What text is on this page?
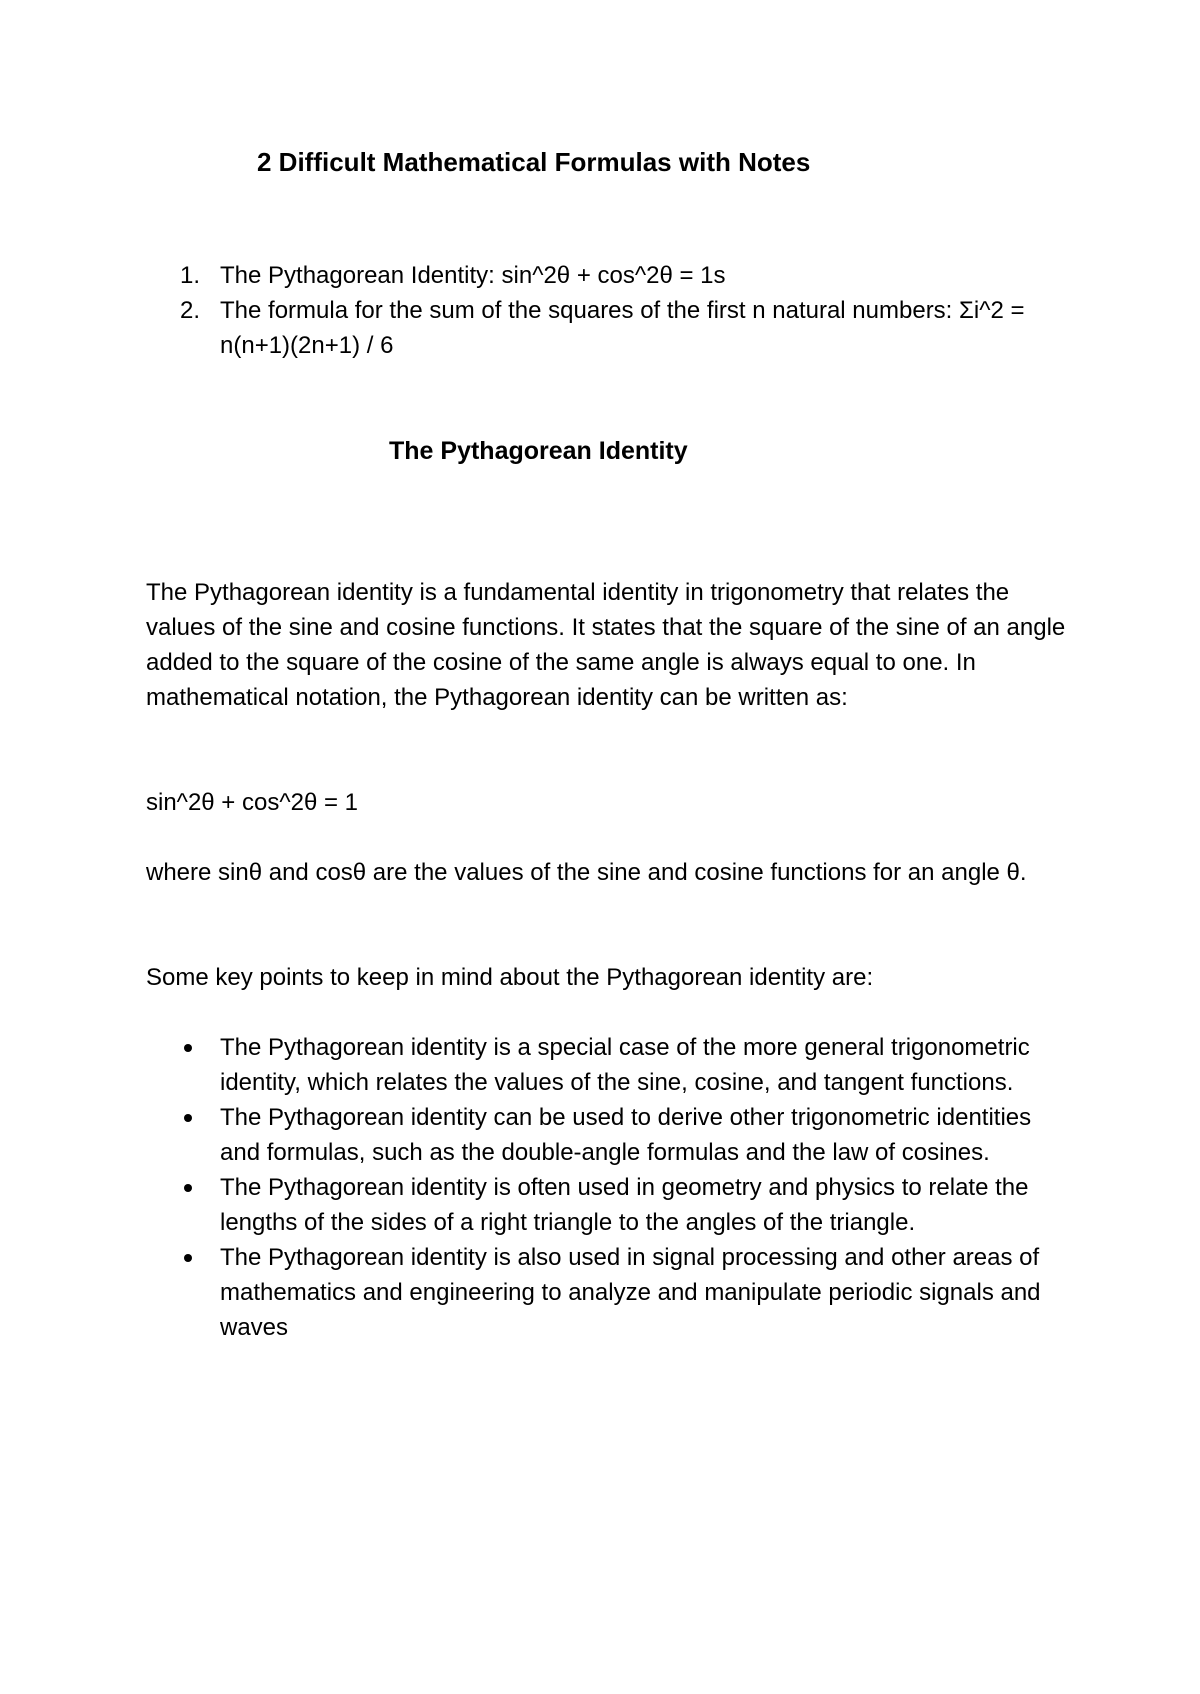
2 Difficult Mathematical Formulas with Notes
1. The Pythagorean Identity: sin^2θ + cos^2θ = 1s
2. The formula for the sum of the squares of the first n natural numbers: Σi^2 = n(n+1)(2n+1) / 6
The Pythagorean Identity

The Pythagorean identity is a fundamental identity in trigonometry that relates the values of the sine and cosine functions. It states that the square of the sine of an angle added to the square of the cosine of the same angle is always equal to one. In mathematical notation, the Pythagorean identity can be written as:

sin^2θ + cos^2θ = 1

where sinθ and cosθ are the values of the sine and cosine functions for an angle θ.

Some key points to keep in mind about the Pythagorean identity are:

The Pythagorean identity is a special case of the more general trigonometric identity, which relates the values of the sine, cosine, and tangent functions.
The Pythagorean identity can be used to derive other trigonometric identities and formulas, such as the double-angle formulas and the law of cosines.
The Pythagorean identity is often used in geometry and physics to relate the lengths of the sides of a right triangle to the angles of the triangle.
The Pythagorean identity is also used in signal processing and other areas of mathematics and engineering to analyze and manipulate periodic signals and waves
